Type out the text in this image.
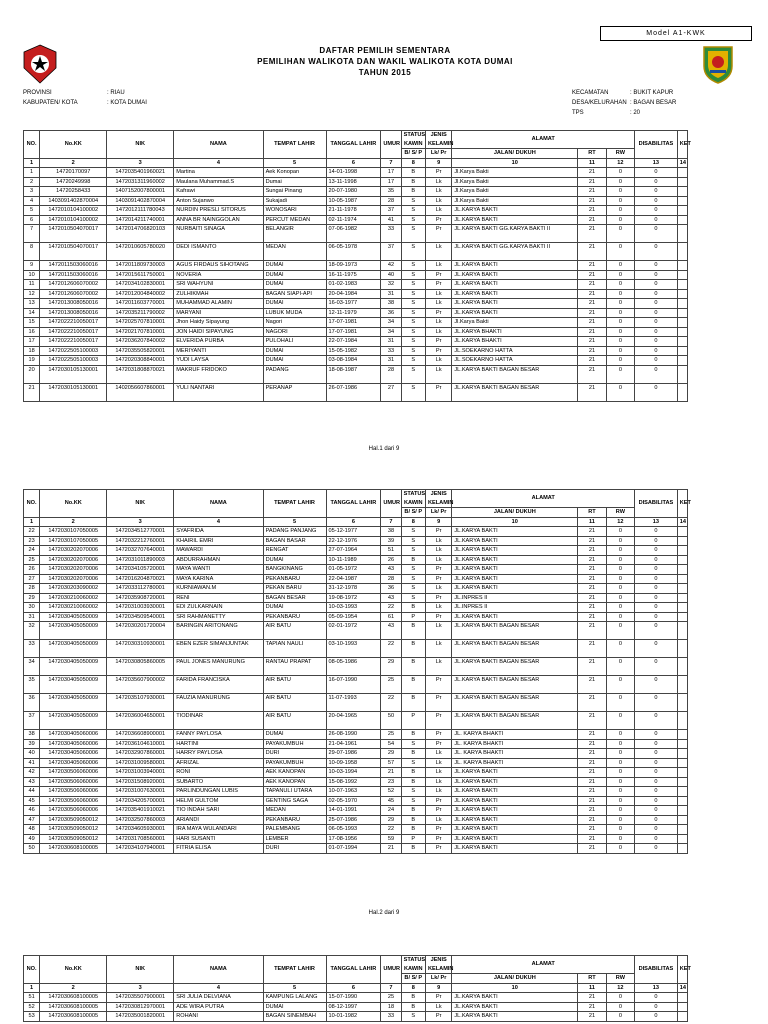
Model A1-KWK
DAFTAR PEMILIH SEMENTARA
PEMILIHAN WALIKOTA DAN WAKIL WALIKOTA KOTA DUMAI
TAHUN 2015
PROVINSI	: RIAU
KABUPATEN/ KOTA	: KOTA DUMAI
KECAMATAN	: BUKIT KAPUR
DESA/KELURAHAN : BAGAN BESAR
TPS	: 20
NO.	No.KK	NIK	NAMA	TEMPAT LAHIR	TANGGAL LAHIR	UMUR	STATUS KAWIN	JENIS KELAMIN	ALAMAT			DISABILITAS	KET
							B/ S/ P	Lk/ Pr	JALAN/ DUKUH	RT	RW		
1	2	3	4	5	6	7	8	9	10	11	12	13	14
1	14720170097	1472035401960021	Martina	Aek Konopan	14-01-1998	17	B	Pr	Jl.Karya Bakti	21	0	0	
2	14720249998	1472031311960002	Maulana Muhammad.S	Dumai	13-11-1998	17	B	Lk	Jl.Karya Bakti	21	0	0	
3	14720258433	1407152007800001	Kafrawi	Sungai Pinang	20-07-1980	35	B	Lk	Jl.Karya Bakti	21	0	0	
4	1403091402870004	1403091402870004	Anton Sujanwo	Sukajadi	10-05-1987	28	S	Lk	Jl.Karya Bakti	21	0	0	
5	1472010104100002	1472012111780043	NURDIN PRESLI SITORUS	WONOSARI	21-11-1978	37	S	Lk	JL.KARYA BAKTI	21	0	0	
6	1472010104100002	1472014211740001	ANNA BR NAINGGOLAN	PERCUT MEDAN	02-11-1974	41	S	Pr	JL.KARYA BAKTI	21	0	0	
7	1472010504070017	1472014706820103	NURBAITI SINAGA	BELANGIR	07-06-1982	33	S	Pr	JL.KARYA BAKTI GG.KARYA BAKTI II	21	0	0	
8	1472010504070017	1472010605780020	DEDI ISMANTO	MEDAN	06-05-1978	37	S	Lk	JL.KARYA BAKTI GG.KARYA BAKTI II	21	0	0	
9	1472011503060016	1472011809730003	AGUS FIRDAUS SIHOTANG	DUMAI	18-09-1973	42	S	Lk	JL.KARYA BAKTI	21	0	0	
10	1472011503060016	1472015611750001	NOVERIA	DUMAI	16-11-1975	40	S	Pr	JL.KARYA BAKTI	21	0	0	
11	1472012606070002	1472034102830001	SRI WAHYUNI	DUMAI	01-02-1983	32	S	Pr	JL.KARYA BAKTI	21	0	0	
12	1472012606070002	1472012004840002	ZULHIKMAH	BAGAN SIAPI-API	20-04-1984	31	S	Lk	JL.KARYA BAKTI	21	0	0	
13	1472013008050016	1472011603770001	MUHAMMAD ALAMIN	DUMAI	16-03-1977	38	S	Lk	JL.KARYA BAKTI	21	0	0	
14	1472013008050016	1472035211790002	MARYANI	LUBUK MUDA	12-11-1979	36	S	Pr	JL.KARYA BAKTI	21	0	0	
15	1472022210050017	1472025707810001	Jhon Haidy Sipayung	Nagori	17-07-1981	34	S	Lk	Jl.Karya Bakti	21	0	0	
16	1472022210050017	1472021707810001	JON HAIDI SIPAYUNG	NAGORI	17-07-1981	34	S	Lk	JL.KARYA BHAKTI	21	0	0	
17	1472022210050017	1472036207840002	ELVERIDA PURBA	PULOHALI	22-07-1984	31	S	Pr	JL.KARYA BHAKTI	21	0	0	
18	1472022505100003	1472035505820001	MERIYANTI	DUMAI	15-05-1982	33	S	Pr	JL.SOEKARNO HATTA	21	0	0	
19	1472022505100003	1472020308840001	YUDI LAYSA	DUMAI	03-08-1984	31	S	Lk	JL.SOEKARNO HATTA	21	0	0	
20	1472030105130001	1472031808870021	MAKRUF FRIDOKO	PADANG	18-08-1987	28	S	Lk	JL.KARYA BAKTI BAGAN BESAR	21	0	0	
21	1472030105130001	1402056607860001	YULI NANTARI	PERANAP	26-07-1986	27	S	Pr	JL.KARYA BAKTI BAGAN BESAR	21	0	0	
Hal.1 dari 9
NO.	No.KK	NIK	NAMA	TEMPAT LAHIR	TANGGAL LAHIR	UMUR	STATUS KAWIN	JENIS KELAMIN	ALAMAT			DISABILITAS	KET
							B/ S/ P	Lk/ Pr	JALAN/ DUKUH	RT	RW		
1	2	3	4	5	6	7	8	9	10	11	12	13	14
22	1472030107050005	1472034512770001	SYAFRIDA	PADANG PANJANG	05-12-1977	38	S	Pr	JL.KARYA BAKTI	21	0	0	
23	1472030107050005	1472032212760001	KHAIRIL EMRI	BAGAN BASAR	22-12-1976	39	S	Lk	JL.KARYA BAKTI	21	0	0	
24	1472030202070006	1472032707640001	MAWARDI	RENGAT	27-07-1964	51	S	Lk	JL.KARYA BAKTI	21	0	0	
25	1472030202070006	1472031011890003	ABDURRAHMAN	DUMAI	10-11-1989	26	B	Lk	JL.KARYA BAKTI	21	0	0	
26	1472030202070006	1472034105720001	MAYA WANTI	BANGKINANG	01-05-1972	43	S	Pr	JL.KARYA BAKTI	21	0	0	
27	1472030202070006	1472016204870021	MAYA KARINA	PEKANBARU	22-04-1987	28	S	Pr	JL.KARYA BAKTI	21	0	0	
28	1472030203090002	1472033112780001	KURNIAWAN.M	PEKAN BARU	31-12-1978	36	S	Lk	JL.KARYA BAKTI	21	0	0	
29	1472030210060002	1472035908720001	RENI	BAGAN BESAR	19-08-1972	43	S	Pr	JL.INPRES II	21	0	0	
30	1472030210060002	1472031003930001	EDI ZULKARNAIN	DUMAI	10-03-1993	22	B	Lk	JL.INPRES II	21	0	0	
31	1472030405050009	1472034509540001	SRI RAHMANETTY	PEKANBARU	05-09-1954	61	P	Pr	JL.KARYA BAKTI	21	0	0	
32	1472030405050009	1472030201720004	BARINGIN ARITONANG	AIR BATU	02-01-1972	43	B	Lk	JL.KARYA BAKTI BAGAN BESAR	21	0	0	
33	1472030405050009	1472030310930001	EBEN EZER SIMANJUNTAK	TAPIAN NAULI	03-10-1993	22	B	Lk	JL.KARYA BAKTI BAGAN BESAR	21	0	0	
34	1472030405050009	1472030805860005	PAUL JONES MANURUNG	RANTAU PRAPAT	08-05-1986	29	B	Lk	JL.KARYA BAKTI BAGAN BESAR	21	0	0	
35	1472030405050009	1472035607900002	FARIDA FRANCISKA	AIR BATU	16-07-1990	25	B	Pr	JL.KARYA BAKTI BAGAN BESAR	21	0	0	
36	1472030405050009	1472035107930001	FAUZIA MANURUNG	AIR BATU	11-07-1993	22	B	Pr	JL.KARYA BAKTI BAGAN BESAR	21	0	0	
37	1472030405050009	1472036004650001	TIODINAR	AIR BATU	20-04-1965	50	P	Pr	JL.KARYA BAKTI BAGAN BESAR	21	0	0	
38	1472030405060006	1472036608900001	FANNY PAYLOSA	DUMAI	26-08-1990	25	B	Pr	JL. KARYA BHAKTI	21	0	0	
39	1472030405060006	1472036104610001	HARTINI	PAYAKUMBUH	21-04-1961	54	S	Pr	JL. KARYA BHAKTI	21	0	0	
40	1472030405060006	1472032907860001	HARRY PAYLOSA	DURI	29-07-1986	29	B	Lk	JL. KARYA BHAKTI	21	0	0	
41	1472030405060006	1472031009580001	AFRIZAL	PAYAKUMBUH	10-09-1958	57	S	Lk	JL. KARYA BHAKTI	21	0	0	
42	1472030506060006	1472031003940001	RONI	AEK KANOPAN	10-03-1994	21	B	Lk	JL.KARYA BAKTI	21	0	0	
43	1472030506060006	1472031508920001	SUBARTO	AEK KANOPAN	15-08-1992	23	B	Lk	JL.KARYA BAKTI	21	0	0	
44	1472030506060006	1472031007630001	PARLINDUNGAN LUBIS	TAPANULI UTARA	10-07-1963	52	S	Lk	JL.KARYA BAKTI	21	0	0	
45	1472030506060006	1472034205700001	HELMI GULTOM	GENTING SAGA	02-05-1970	45	S	Pr	JL.KARYA BAKTI	21	0	0	
46	1472030506060006	1472035401910021	TIO INDAH SARI	MEDAN	14-01-1991	24	B	Pr	JL.KARYA BAKTI	21	0	0	
47	1472030509050012	1472032507860003	ARIANDI	PEKANBARU	25-07-1986	29	B	Lk	JL.KARYA BAKTI	21	0	0	
48	1472030509050012	1472034605930001	IRA MAYA WULANDARI	PALEMBANG	06-05-1993	22	B	Pr	JL.KARYA BAKTI	21	0	0	
49	1472030509050012	1472031708560001	HARI SUSANTI	LEMBER	17-08-1956	59	P	Pr	JL.KARYA BAKTI	21	0	0	
50	1472030608100005	1472034107940001	FITRIA ELISA	DURI	01-07-1994	21	B	Pr	JL.KARYA BAKTI	21	0	0	
Hal.2 dari 9
NO.	No.KK	NIK	NAMA	TEMPAT LAHIR	TANGGAL LAHIR	UMUR	STATUS KAWIN	JENIS KELAMIN	ALAMAT			DISABILITAS	KET
							B/ S/ P	Lk/ Pr	JALAN/ DUKUH	RT	RW		
1	2	3	4	5	6	7	8	9	10	11	12	13	14
51	1472030608100005	1472035507900001	SRI JULIA DELVIANA	KAMPUNG LALANG	15-07-1990	25	B	Pr	JL.KARYA BAKTI	21	0	0	
52	1472030608100005	1472030812970001	ADE WIRA PUTRA	DUMAI	08-12-1997	18	B	Lk	JL.KARYA BAKTI	21	0	0	
53	1472030608100005	1472035001820001	ROHANI	BAGAN SINEMBAH	10-01-1982	33	S	Pr	JL.KARYA BAKTI	21	0	0	
